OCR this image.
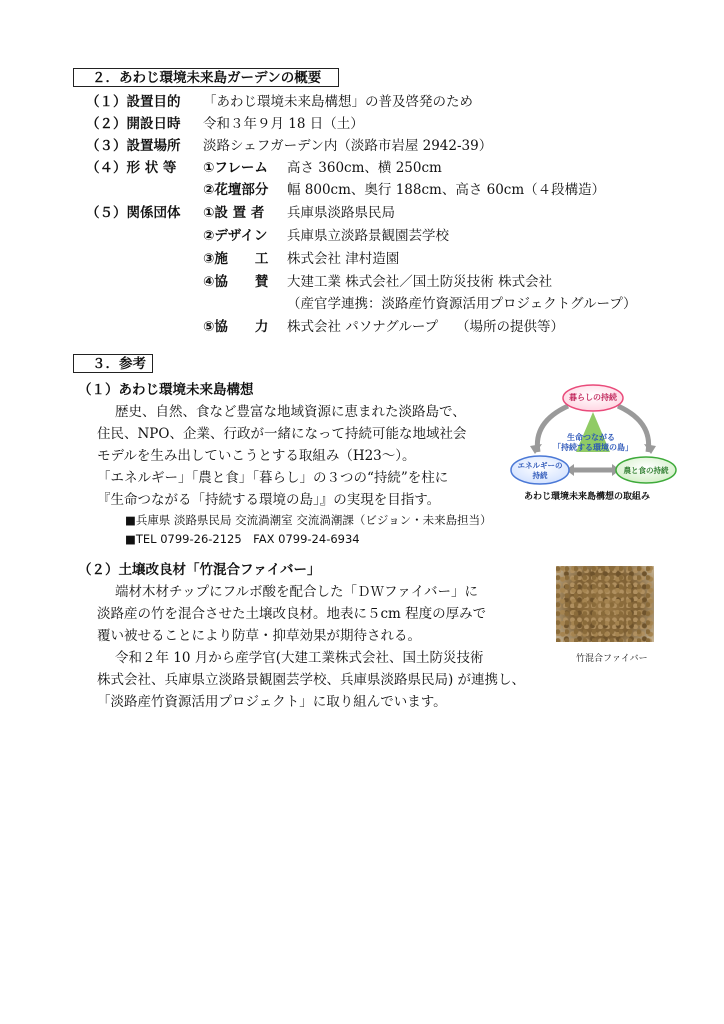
２．あわじ環境未来島ガーデンの概要
（１）設置目的 「あわじ環境未来島構想」の普及啓発のため
（２）開設日時 令和３年９月 18 日（土）
（３）設置場所 淡路シェフガーデン内（淡路市岩屋 2942-39）
（４）形 状 等 ①フレーム 高さ 360cm、横 250cm
②花壇部分 幅 800cm、奥行 188cm、高さ 60cm（４段構造）
（５）関係団体 ①設 置 者 兵庫県淡路県民局
②デザイン 兵庫県立淡路景観園芸学校
③施　　工 株式会社 津村造園
④協　　賛 大建工業 株式会社／国土防災技術 株式会社
（産官学連携：淡路産竹資源活用プロジェクトグループ）
⑤協　　力 株式会社 パソナグループ　 （場所の提供等）
３．参考
（１）あわじ環境未来島構想
歴史、自然、食など豊富な地域資源に恵まれた淡路島で、
住民、NPO、企業、行政が一緒になって持続可能な地域社会
モデルを生み出していこうとする取組み（H23～）。
「エネルギー」「農と食」「暮らし」の３つの“持続”を柱に
『生命つながる「持続する環境の島」』の実現を目指す。
■兵庫県 淡路県民局 交流渦潮室 交流渦潮課（ビジョン・未来島担当）
■TEL 0799-26-2125　FAX 0799-24-6934
暮らしの持続
生命つながる
「持続する環境の島」
エネルギーの
持続
農と食の持続
あわじ環境未来島構想の取組み
（２）土壌改良材「竹混合ファイバー」
端材木材チップにフルボ酸を配合した「ＤＷファイバー」に
淡路産の竹を混合させた土壌改良材。地表に５cm 程度の厚みで
覆い被せることにより防草・抑草効果が期待される。
令和２年 10 月から産学官(大建工業株式会社、国土防災技術
株式会社、兵庫県立淡路景観園芸学校、兵庫県淡路県民局) が連携し、
「淡路産竹資源活用プロジェクト」に取り組んでいます。
竹混合ファイバー
